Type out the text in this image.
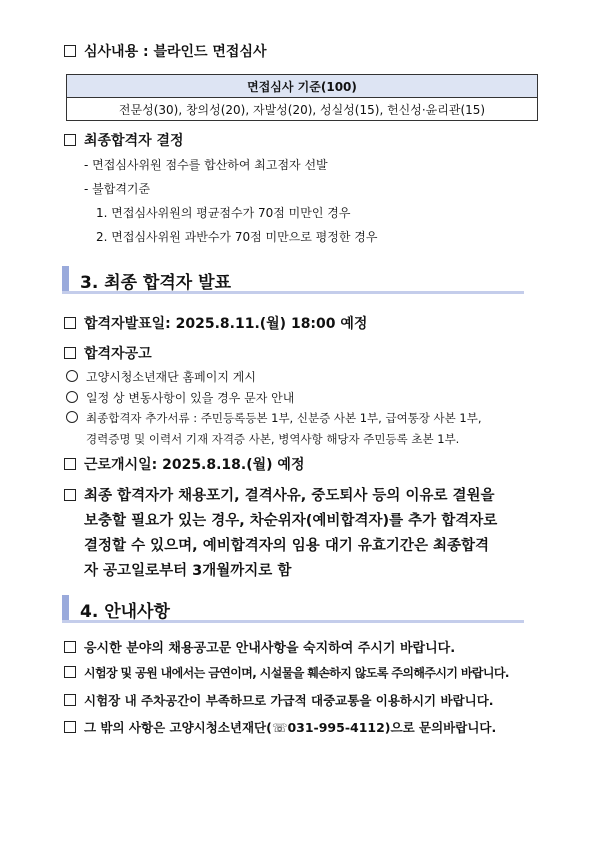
심사내용 : 블라인드 면접심사
면접심사 기준(100)
전문성(30), 창의성(20), 자발성(20), 성실성(15), 헌신성·윤리관(15)
최종합격자 결정
- 면접심사위원 점수를 합산하여 최고점자 선발
- 불합격기준
1. 면접심사위원의 평균점수가 70점 미만인 경우
2. 면접심사위원 과반수가 70점 미만으로 평정한 경우
3. 최종 합격자 발표
합격자발표일: 2025.8.11.(월) 18:00 예정
합격자공고
고양시청소년재단 홈페이지 게시
일정 상 변동사항이 있을 경우 문자 안내
최종합격자 추가서류 : 주민등록등본 1부, 신분증 사본 1부, 급여통장 사본 1부,
경력증명 및 이력서 기재 자격증 사본, 병역사항 해당자 주민등록 초본 1부.
근로개시일: 2025.8.18.(월) 예정
최종 합격자가 채용포기, 결격사유, 중도퇴사 등의 이유로 결원을
보충할 필요가 있는 경우, 차순위자(예비합격자)를 추가 합격자로
결정할 수 있으며, 예비합격자의 임용 대기 유효기간은 최종합격
자 공고일로부터 3개월까지로 함
4. 안내사항
응시한 분야의 채용공고문 안내사항을 숙지하여 주시기 바랍니다.
시험장 및 공원 내에서는 금연이며, 시설물을 훼손하지 않도록 주의해주시기 바랍니다.
시험장 내 주차공간이 부족하므로 가급적 대중교통을 이용하시기 바랍니다.
그 밖의 사항은 고양시청소년재단(☏031-995-4112)으로 문의바랍니다.
